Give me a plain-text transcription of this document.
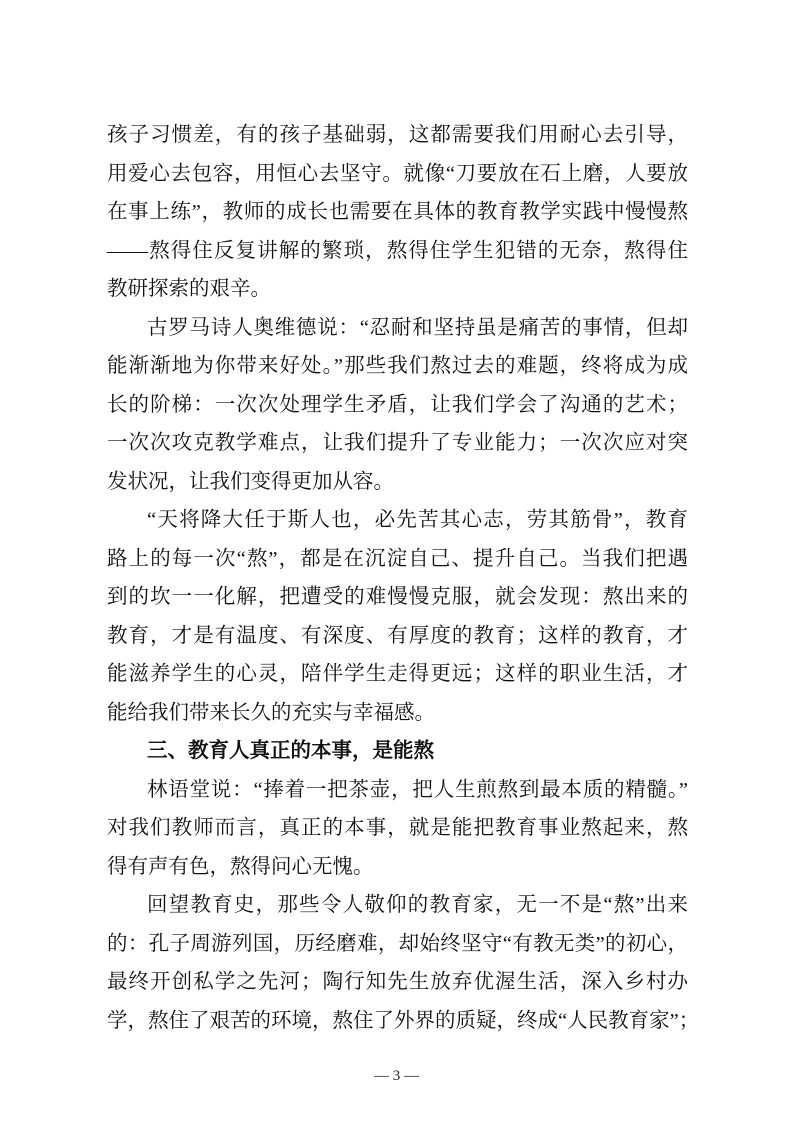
孩子习惯差，有的孩子基础弱，这都需要我们用耐心去引导，
用爱心去包容，用恒心去坚守。就像“刀要放在石上磨，人要放
在事上练”，教师的成长也需要在具体的教育教学实践中慢慢熬
——熬得住反复讲解的繁琐，熬得住学生犯错的无奈，熬得住
教研探索的艰辛。
古罗马诗人奥维德说：“忍耐和坚持虽是痛苦的事情，但却
能渐渐地为你带来好处。”那些我们熬过去的难题，终将成为成
长的阶梯：一次次处理学生矛盾，让我们学会了沟通的艺术；
一次次攻克教学难点，让我们提升了专业能力；一次次应对突
发状况，让我们变得更加从容。
“天将降大任于斯人也，必先苦其心志，劳其筋骨”，教育
路上的每一次“熬”，都是在沉淀自己、提升自己。当我们把遇
到的坎一一化解，把遭受的难慢慢克服，就会发现：熬出来的
教育，才是有温度、有深度、有厚度的教育；这样的教育，才
能滋养学生的心灵，陪伴学生走得更远；这样的职业生活，才
能给我们带来长久的充实与幸福感。
三、教育人真正的本事，是能熬
林语堂说：“捧着一把茶壶，把人生煎熬到最本质的精髓。”
对我们教师而言，真正的本事，就是能把教育事业熬起来，熬
得有声有色，熬得问心无愧。
回望教育史，那些令人敬仰的教育家，无一不是“熬”出来
的：孔子周游列国，历经磨难，却始终坚守“有教无类”的初心，
最终开创私学之先河；陶行知先生放弃优渥生活，深入乡村办
学，熬住了艰苦的环境，熬住了外界的质疑，终成“人民教育家”；
— 3 —
